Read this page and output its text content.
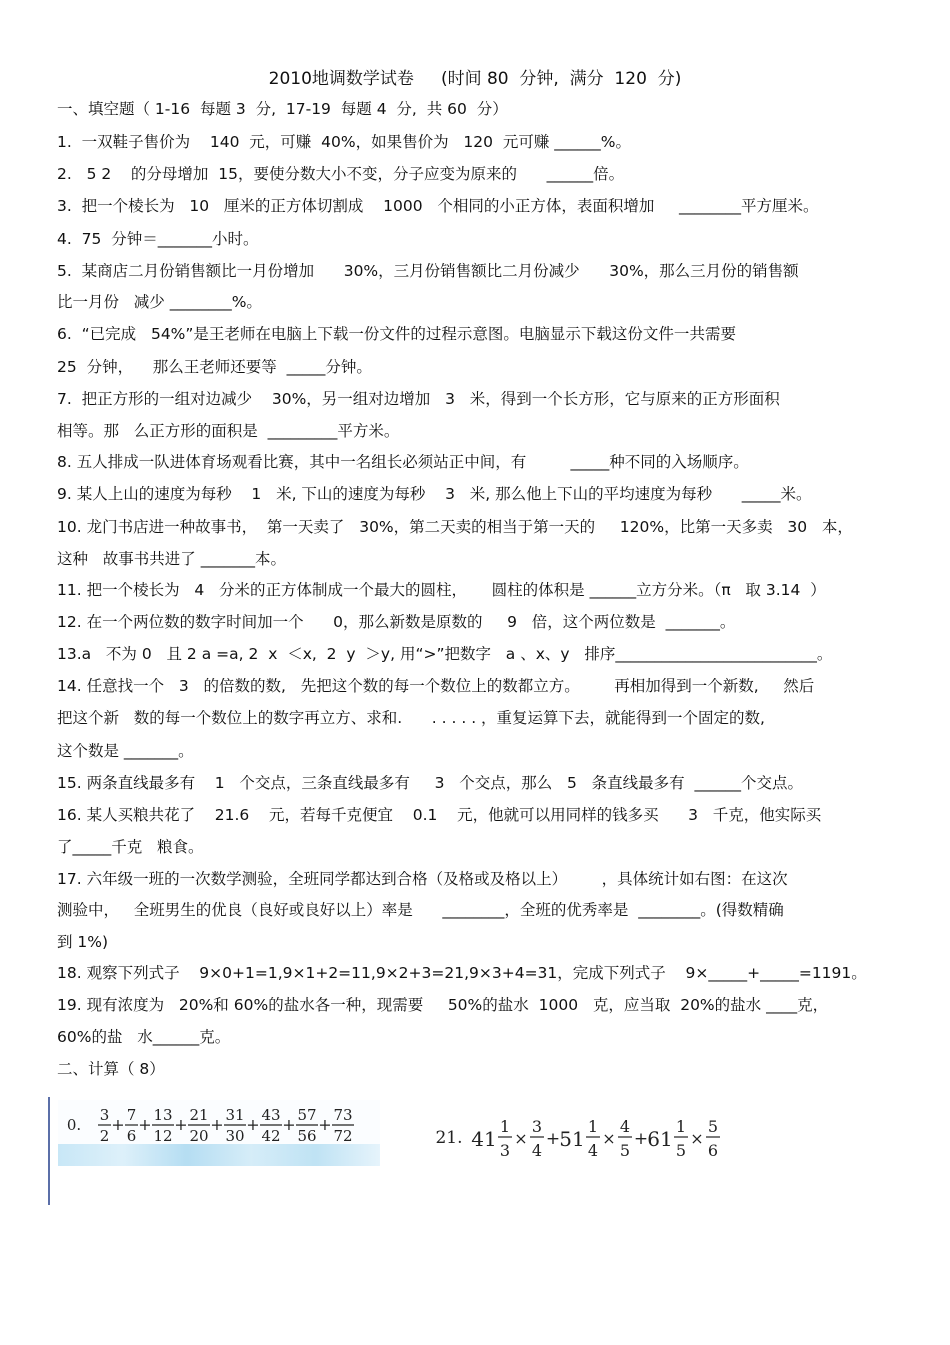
2010地调数学试卷     (时间 80  分钟,  满分  120  分)
一、填空题（ 1-16  每题 3  分,  17-19  每题 4  分,  共 60  分）
1.  一双鞋子售价为    140  元，可赚  40%，如果售价为   120  元可赚 ______%。
2.   5 2    的分母增加  15，要使分数大小不变，分子应变为原来的      ______倍。
3.  把一个棱长为   10   厘米的正方体切割成    1000   个相同的小正方体，表面积增加     ________平方厘米。
4.  75  分钟＝_______小时。
5.  某商店二月份销售额比一月份增加      30%，三月份销售额比二月份减少      30%，那么三月份的销售额
比一月份   减少 ________%。
6.  “已完成   54%”是王老师在电脑上下载一份文件的过程示意图。电脑显示下载这份文件一共需要
25  分钟，    那么王老师还要等  _____分钟。
7.  把正方形的一组对边减少    30%，另一组对边增加   3   米，得到一个长方形，它与原来的正方形面积
相等。那   么正方形的面积是  _________平方米。
8. 五人排成一队进体育场观看比赛，其中一名组长必须站正中间，有         _____种不同的入场顺序。
9. 某人上山的速度为每秒    1   米, 下山的速度为每秒    3   米, 那么他上下山的平均速度为每秒      _____米。
10. 龙门书店进一种故事书，  第一天卖了   30%，第二天卖的相当于第一天的     120%，比第一天多卖   30   本，
这种   故事书共进了 _______本。
11. 把一个棱长为   4   分米的正方体制成一个最大的圆柱，     圆柱的体积是 ______立方分米。（π   取 3.14  ）
12. 在一个两位数的数字时间加一个      0，那么新数是原数的     9   倍，这个两位数是  _______。
13.a   不为 0   且 2 a =a, 2  x  ＜x,  2  y  ＞y, 用“>”把数字   a 、x、y   排序__________________________。
14. 任意找一个   3   的倍数的数,   先把这个数的每一个数位上的数都立方。       再相加得到一个新数,     然后
把这个新   数的每一个数位上的数字再立方、求和.      . . . . . ，重复运算下去，就能得到一个固定的数,
这个数是 _______。
15. 两条直线最多有    1   个交点，三条直线最多有     3   个交点，那么   5   条直线最多有  ______个交点。
16. 某人买粮共花了    21.6    元，若每千克便宜    0.1    元，他就可以用同样的钱多买      3   千克，他实际买
了_____千克   粮食。
17. 六年级一班的一次数学测验，全班同学都达到合格（及格或及格以上）       ，具体统计如右图：在这次
测验中，   全班男生的优良（良好或良好以上）率是      ________，全班的优秀率是  ________。(得数精确
到 1%)
18. 观察下列式子    9×0+1=1,9×1+2=11,9×2+3=21,9×3+4=31，完成下列式子    9×_____+_____=1191。
19. 现有浓度为   20%和 60%的盐水各一种，现需要     50%的盐水  1000   克，应当取  20%的盐水 ____克，
60%的盐   水______克。
二、计算（ 8）
0.
3
2
+ 7
6
+ 13
12
+ 21
20
+ 31
30
+ 43
42
+ 57
56
+ 73
72	21. 41
1
3
×
3
4
+ 51
1
4
×
4
5
+ 61
1
5
×
5
6
